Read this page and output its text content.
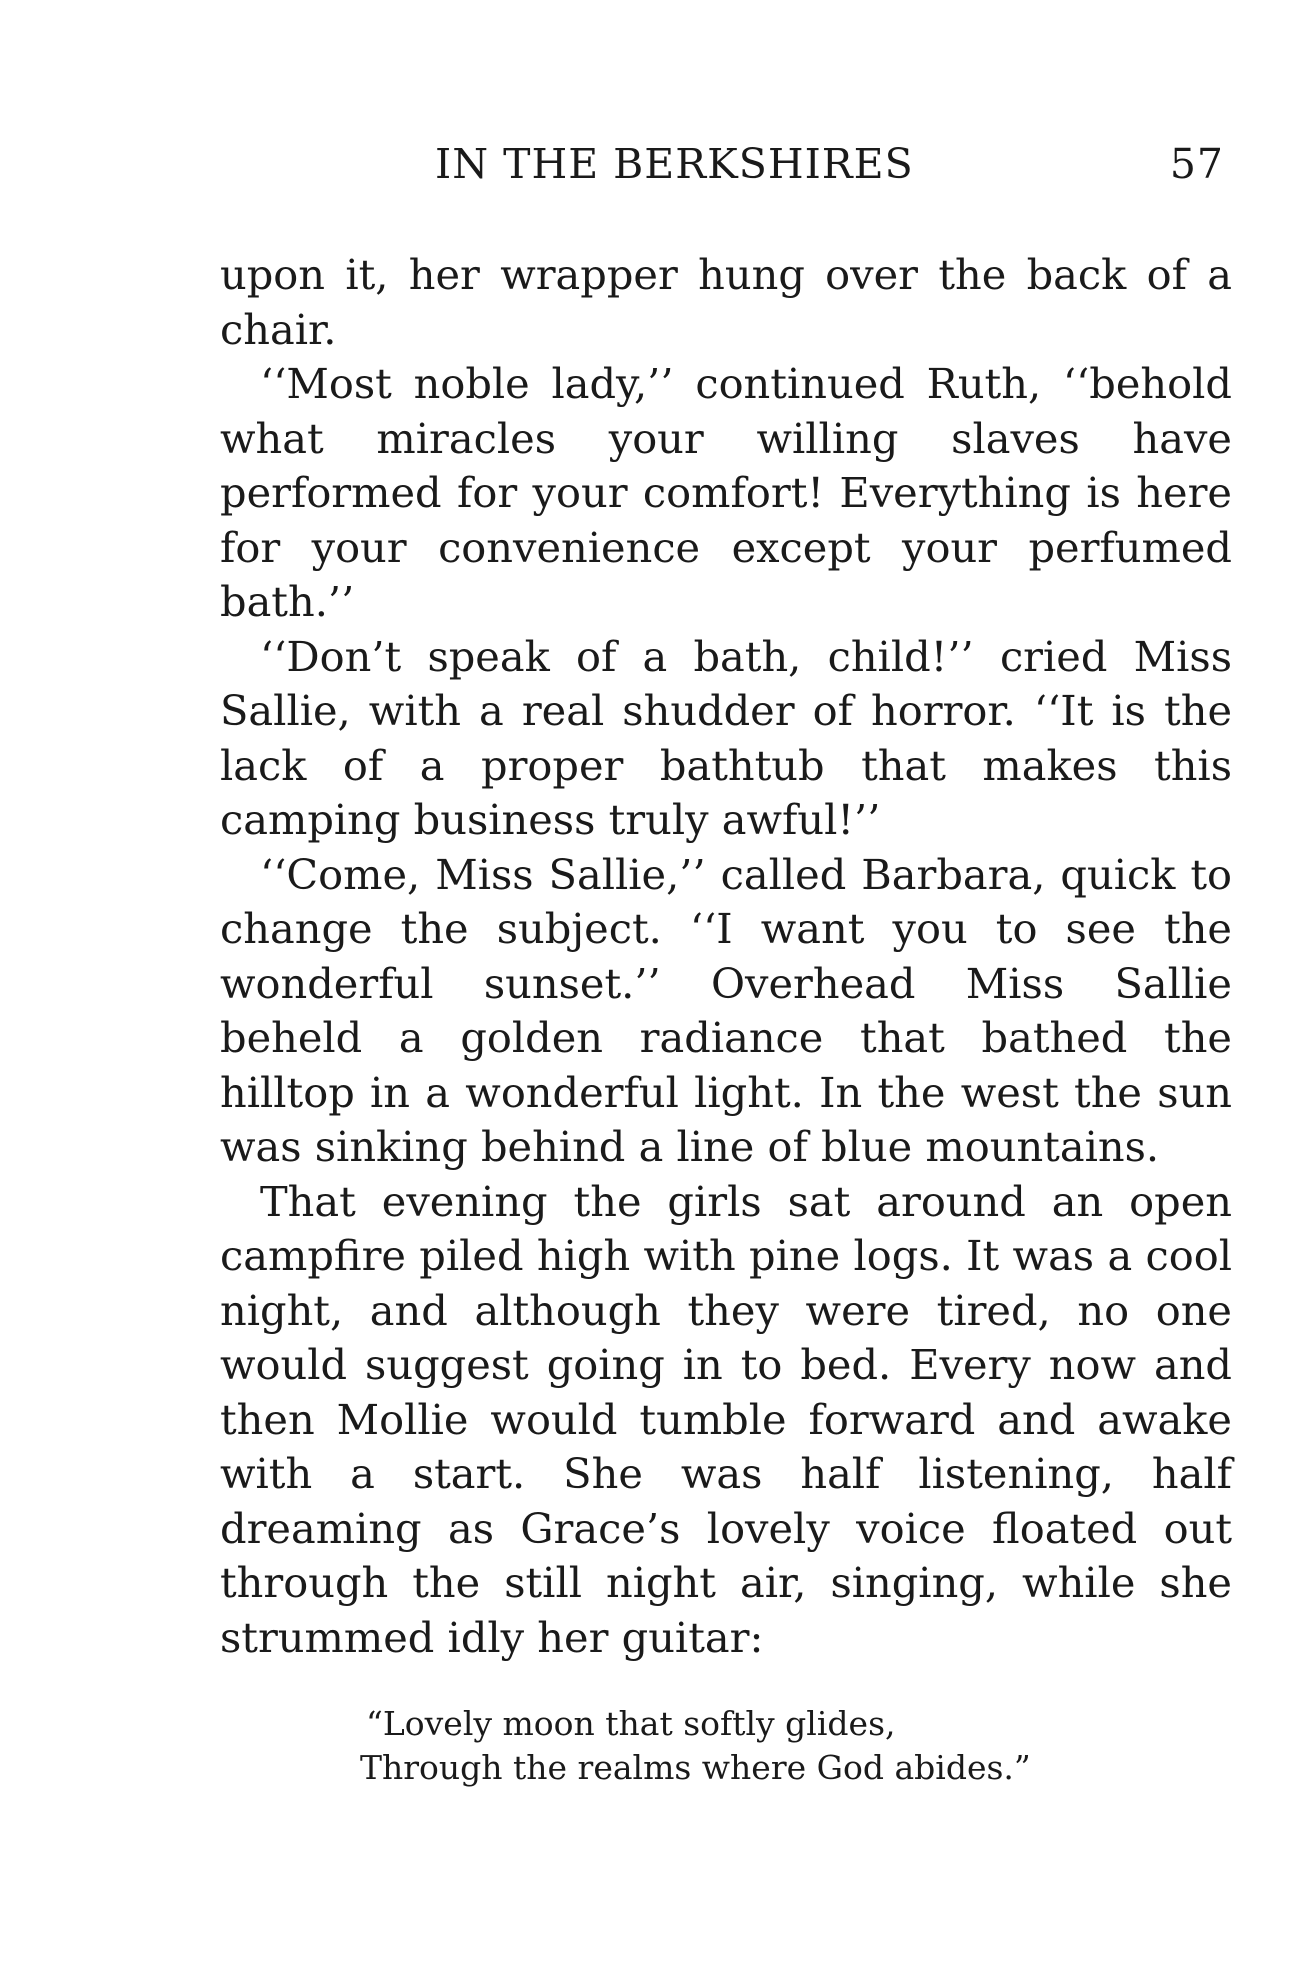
IN THE BERKSHIRES	57

upon it, her wrapper hung over the back of a chair.

‘‘Most noble lady,’’ continued Ruth, ‘‘behold what miracles your willing slaves have performed for your comfort! Everything is here for your convenience except your perfumed bath.’’

‘‘Don’t speak of a bath, child!’’ cried Miss Sallie, with a real shudder of horror. ‘‘It is the lack of a proper bathtub that makes this camping business truly awful!’’

‘‘Come, Miss Sallie,’’ called Barbara, quick to change the subject. ‘‘I want you to see the wonderful sunset.’’ Overhead Miss Sallie beheld a golden radiance that bathed the hilltop in a wonderful light. In the west the sun was sinking behind a line of blue mountains.

That evening the girls sat around an open campfire piled high with pine logs. It was a cool night, and although they were tired, no one would suggest going in to bed. Every now and then Mollie would tumble forward and awake with a start. She was half listening, half dreaming as Grace’s lovely voice floated out through the still night air, singing, while she strummed idly her guitar:

“Lovely moon that softly glides,
Through the realms where God abides.”
